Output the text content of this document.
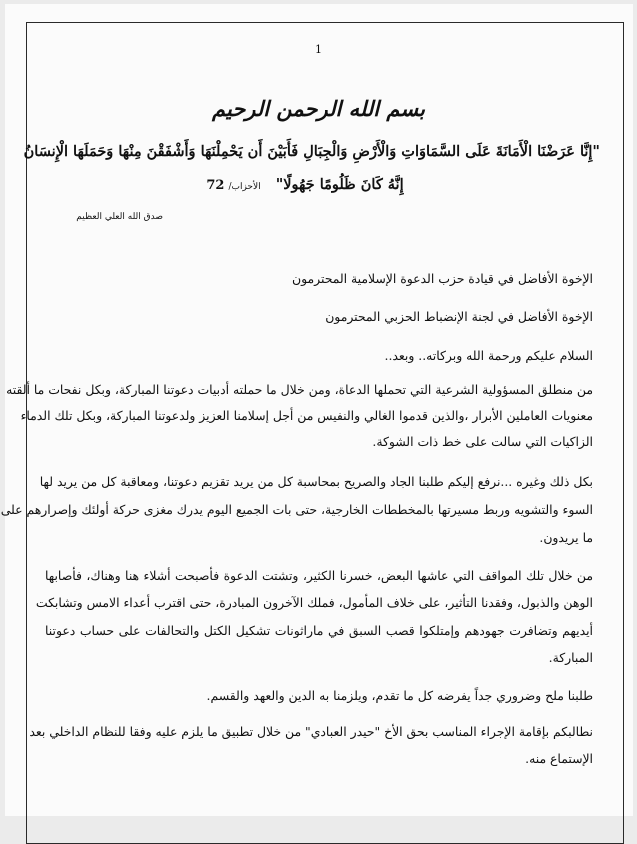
1
بسم الله الرحمن الرحيم
"إِنَّا عَرَضْنَا الْأَمَانَةَ عَلَى السَّمَاوَاتِ وَالْأَرْضِ وَالْجِبَالِ فَأَبَيْنَ أَن يَحْمِلْنَهَا وَأَشْفَقْنَ مِنْهَا وَحَمَلَهَا الْإِنسَانُ
إِنَّهُ كَانَ ظَلُومًا جَهُولًا" الأحزاب/72
صدق الله العلي العظيم
الإخوة الأفاضل في قيادة حزب الدعوة الإسلامية المحترمون
الإخوة الأفاضل في لجنة الإنضباط الحزبي المحترمون
السلام عليكم ورحمة الله وبركاته.. وبعد..
من منطلق المسؤولية الشرعية التي تحملها الدعاة، ومن خلال ما حملته أدبيات دعوتنا المباركة، وبكل نفحات ما ألقته
معنويات العاملين الأبرار ،والذين قدموا الغالي والنفيس من أجل إسلامنا العزيز ولدعوتنا المباركة، وبكل تلك الدماء
الزاكيات التي سالت على خط ذات الشوكة.
بكل ذلك وغيره ...نرفع إليكم طلبنا الجاد والصريح بمحاسبة كل من يريد تقزيم دعوتنا، ومعاقبة كل من يريد لها
السوء والتشويه وربط مسيرتها بالمخططات الخارجية، حتى بات الجميع اليوم يدرك مغزى حركة أولئك وإصرارهم على
ما يريدون.
من خلال تلك المواقف التي عاشها البعض، خسرنا الكثير، وتشتت الدعوة فأصبحت أشلاء هنا وهناك، فأصابها
الوهن والذبول، وفقدنا التأثير، على خلاف المأمول، فملك الآخرون المبادرة، حتى اقترب أعداء الامس وتشابكت
أيديهم وتضافرت جهودهم وإمتلكوا قصب السبق في ماراثونات تشكيل الكتل والتحالفات على حساب دعوتنا
المباركة.
طلبنا ملح وضروري جداً يفرضه كل ما تقدم، ويلزمنا به الدين والعهد والقسم.
نطالبكم بإقامة الإجراء المناسب بحق الأخ "حيدر العبادي" من خلال تطبيق ما يلزم عليه وفقا للنظام الداخلي بعد
الإستماع منه.
